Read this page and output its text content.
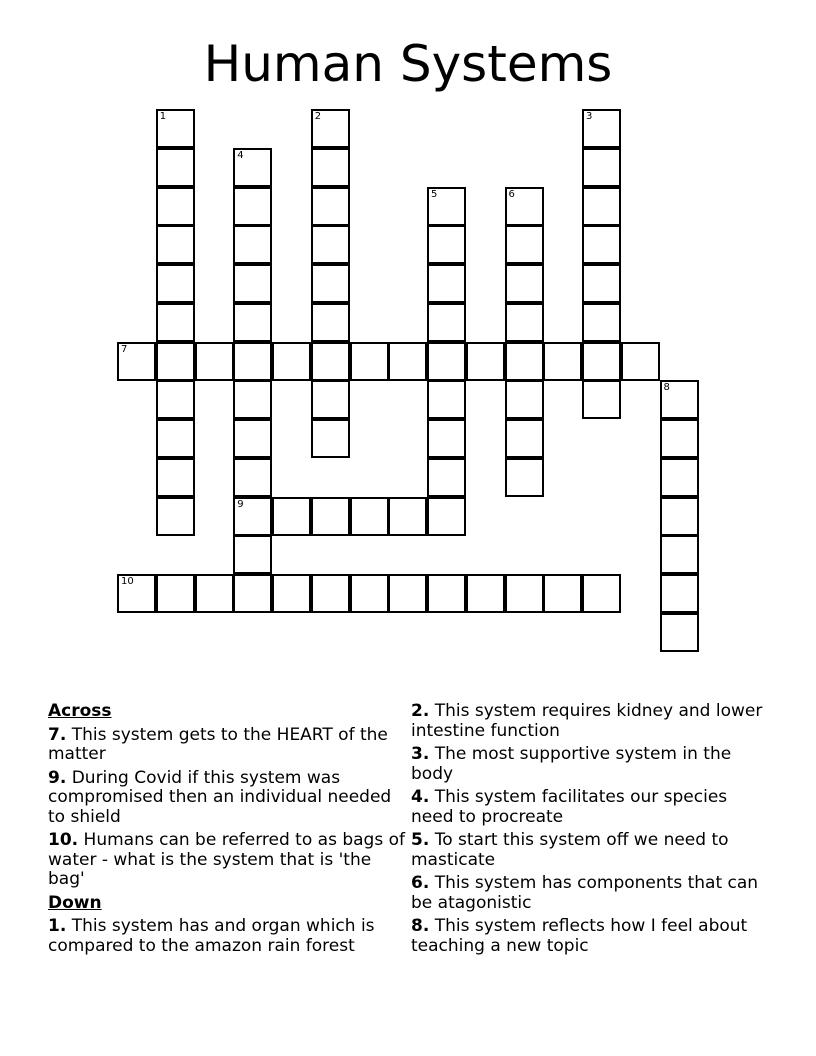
Human Systems
1	2	3
4
9
5	6
7
8
10
Across
7. This system gets to the HEART of the matter
9. During Covid if this system was compromised then an individual needed to shield
10. Humans can be referred to as bags of water - what is the system that is 'the bag'
Down
1. This system has and organ which is compared to the amazon rain forest
2. This system requires kidney and lower intestine function
3. The most supportive system in the body
4. This system facilitates our species need to procreate
5. To start this system off we need to masticate
6. This system has components that can be atagonistic
8. This system reflects how I feel about teaching a new topic
